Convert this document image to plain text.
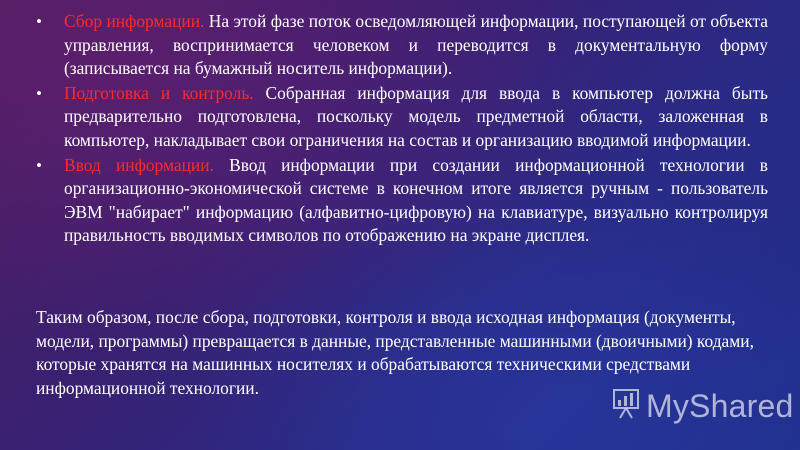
• Сбор информации. На этой фазе поток осведомляющей информации, поступающей от объекта управления, воспринимается человеком и переводится в документальную форму (записывается на бумажный носитель информации).
• Подготовка и контроль. Собранная информация для ввода в компьютер должна быть предварительно подготовлена, поскольку модель предметной области, заложенная в компьютер, накладывает свои ограничения на состав и организацию вводимой информации.
• Ввод информации. Ввод информации при создании информационной технологии в организационно-экономической системе в конечном итоге является ручным - пользователь ЭВМ "набирает" информацию (алфавитно-цифровую) на клавиатуре, визуально контролируя правильность вводимых символов по отображению на экране дисплея.
Таким образом, после сбора, подготовки, контроля и ввода исходная информация (документы, модели, программы) превращается в данные, представленные машинными (двоичными) кодами, которые хранятся на машинных носителях и обрабатываются техническими средствами информационной технологии.	MyShared
